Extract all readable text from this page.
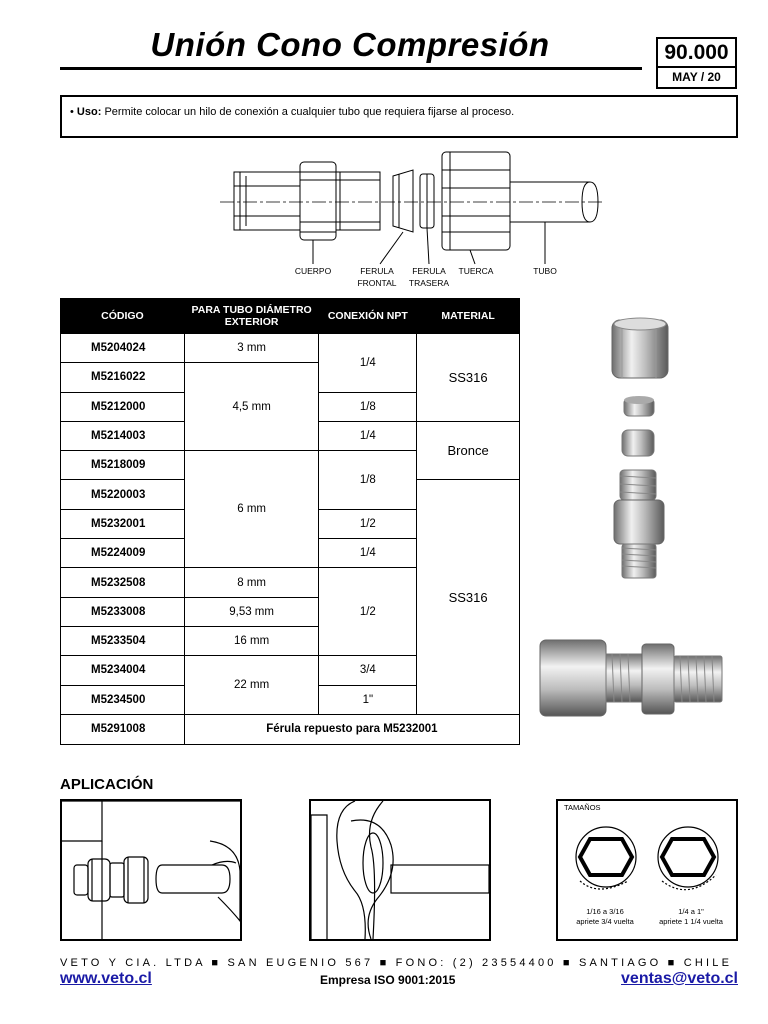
Unión Cono Compresión	90.000
MAY / 20
• Uso: Permite colocar un hilo de conexión a cualquier tubo que requiera fijarse al proceso.
CUERPO	FERULA
FRONTAL
FERULA
TRASERA
TUERCA	TUBO
CÓDIGO	PARA TUBO DIÁMETRO EXTERIOR	CONEXIÓN NPT	MATERIAL
M5204024	3 mm	1/4	SS316
M5216022	4,5 mm		
M5212000		1/8	
M5214003		1/4	Bronce
M5218009	6 mm	1/8	
M5220003			SS316
M5232001		1/2	
M5224009		1/4	
M5232508	8 mm	1/2	
M5233008	9,53 mm		
M5233504	16 mm		
M5234004	22 mm	3/4	
M5234500		1"	
M5291008	Férula repuesto para M5232001		
APLICACIÓN
TAMAÑOS
1/16 a 3/16
apriete 3/4 vuelta
1/4 a 1"
apriete 1 1/4 vuelta
VETO Y CIA. LTDA ■ SAN EUGENIO 567 ■ FONO: (2) 23554400 ■ SANTIAGO ■ CHILE
www.veto.cl	Empresa ISO 9001:2015	ventas@veto.cl
